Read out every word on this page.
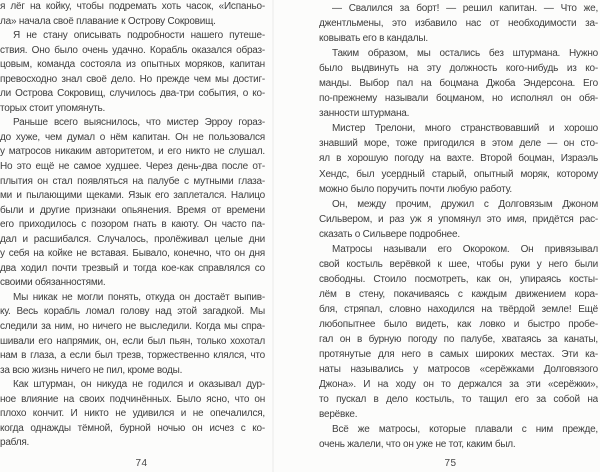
я лёг на койку, чтобы подремать хоть часок, «Испаньо-
ла» начала своё плавание к Острову Сокровищ.
Я не стану описывать подробности нашего путеше-
ствия. Оно было очень удачно. Корабль оказался образ-
цовым, команда состояла из опытных моряков, капитан
превосходно знал своё дело. Но прежде чем мы достиг-
ли Острова Сокровищ, случилось два-три события, о ко-
торых стоит упомянуть.
Раньше всего выяснилось, что мистер Эрроу гораз-
до хуже, чем думал о нём капитан. Он не пользовался
у матросов никаким авторитетом, и его никто не слушал.
Но это ещё не самое худшее. Через день-два после от-
плытия он стал появляться на палубе с мутными глаза-
ми и пылающими щеками. Язык его заплетался. Налицо
были и другие признаки опьянения. Время от времени
его приходилось с позором гнать в каюту. Он часто па-
дал и расшибался. Случалось, пролёживал целые дни
у себя на койке не вставая. Бывало, конечно, что он дня
два ходил почти трезвый и тогда кое-как справлялся со
своими обязанностями.
Мы никак не могли понять, откуда он достаёт выпив-
ку. Весь корабль ломал голову над этой загадкой. Мы
следили за ним, но ничего не выследили. Когда мы спра-
шивали его напрямик, он, если был пьян, только хохотал
нам в глаза, а если был трезв, торжественно клялся, что
за всю жизнь ничего не пил, кроме воды.
Как штурман, он никуда не годился и оказывал дур-
ное влияние на своих подчинённых. Было ясно, что он
плохо кончит. И никто не удивился и не опечалился,
когда однажды тёмной, бурной ночью он исчез с ко-
рабля.
74
— Свалился за борт! — решил капитан. — Что же,
джентльмены, это избавило нас от необходимости за-
ковывать его в кандалы.
Таким образом, мы остались без штурмана. Нужно
было выдвинуть на эту должность кого-нибудь из ко-
манды. Выбор пал на боцмана Джоба Эндерсона. Его
по-прежнему называли боцманом, но исполнял он обя-
занности штурмана.
Мистер Трелони, много странствовавший и хорошо
знавший море, тоже пригодился в этом деле — он сто-
ял в хорошую погоду на вахте. Второй боцман, Израэль
Хендс, был усердный старый, опытный моряк, которому
можно было поручить почти любую работу.
Он, между прочим, дружил с Долговязым Джоном
Сильвером, и раз уж я упомянул это имя, придётся рас-
сказать о Сильвере подробнее.
Матросы называли его Окороком. Он привязывал
свой костыль верёвкой к шее, чтобы руки у него были
свободны. Стоило посмотреть, как он, упираясь косты-
лём в стену, покачиваясь с каждым движением кора-
бля, стряпал, словно находился на твёрдой земле! Ещё
любопытнее было видеть, как ловко и быстро пробе-
гал он в бурную погоду по палубе, хватаясь за канаты,
протянутые для него в самых широких местах. Эти ка-
наты назывались у матросов «серёжками Долговязого
Джона». И на ходу он то держался за эти «серёжки»,
то пускал в дело костыль, то тащил его за собой на
верёвке.
Всё же матросы, которые плавали с ним прежде,
очень жалели, что он уже не тот, каким был.
75
